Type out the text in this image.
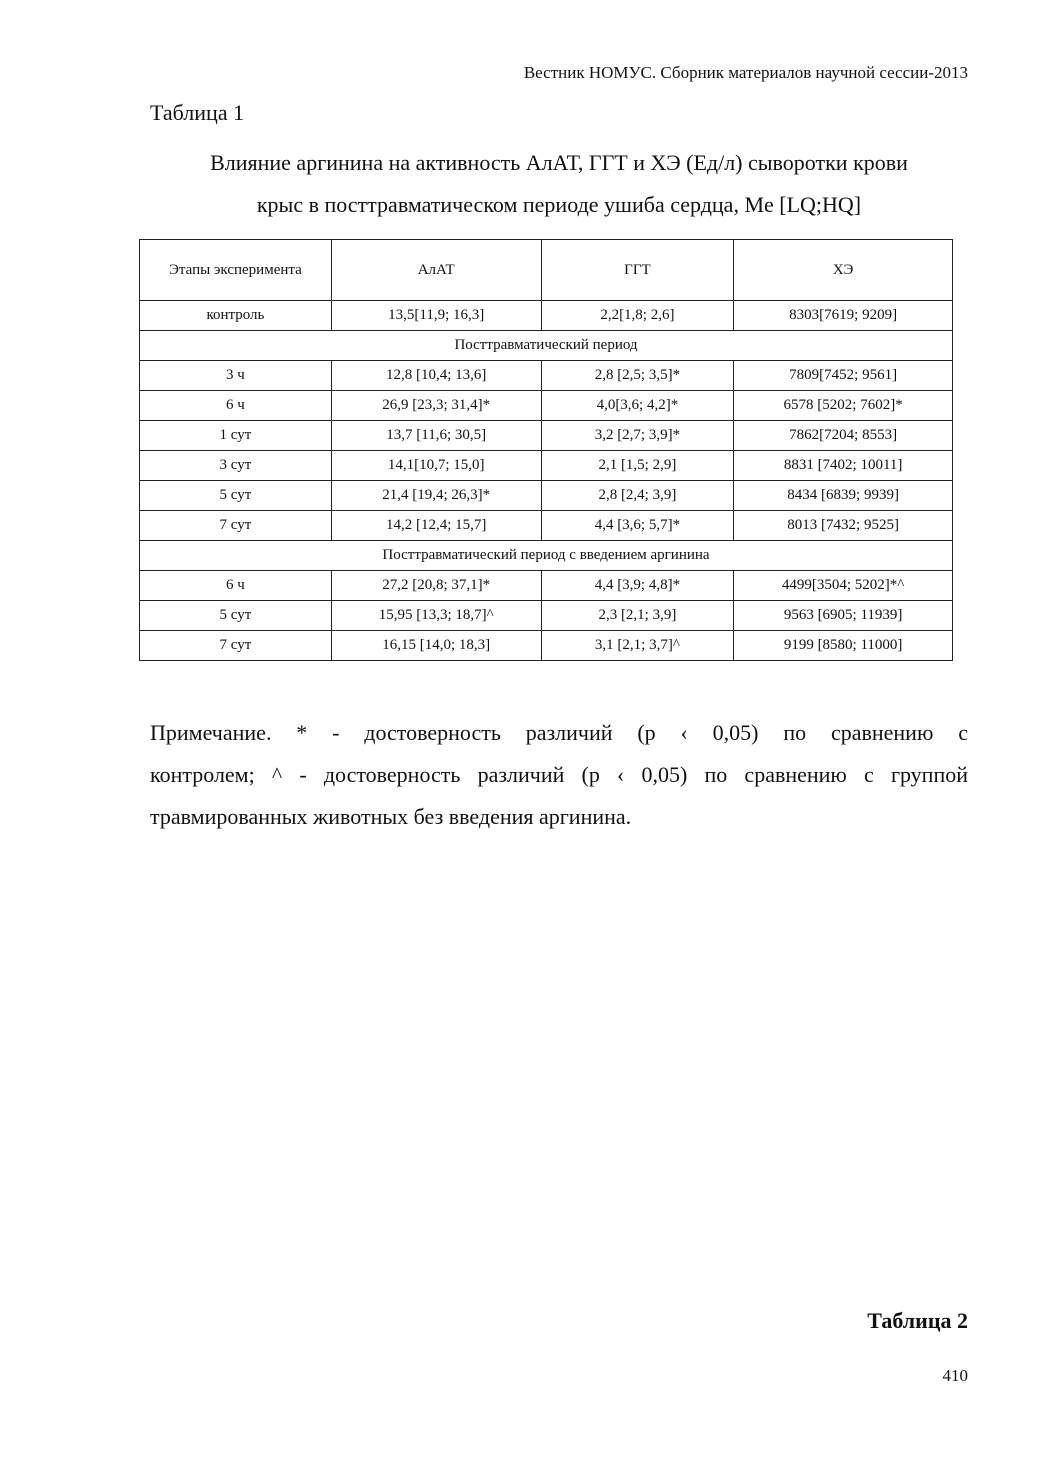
Вестник НОМУС. Сборник материалов научной сессии-2013
Таблица 1
Влияние аргинина на активность АлАТ, ГГТ и ХЭ (Ед/л) сыворотки крови
крыс в посттравматическом периоде ушиба сердца, Me [LQ;HQ]
Этапы эксперимента	АлАТ	ГГТ	ХЭ
контроль	13,5[11,9; 16,3]	2,2[1,8; 2,6]	8303[7619; 9209]
Посттравматический период			
3 ч	12,8 [10,4; 13,6]	2,8 [2,5; 3,5]*	7809[7452; 9561]
6 ч	26,9 [23,3; 31,4]*	4,0[3,6; 4,2]*	6578 [5202; 7602]*
1 сут	13,7 [11,6; 30,5]	3,2 [2,7; 3,9]*	7862[7204; 8553]
3 сут	14,1[10,7; 15,0]	2,1 [1,5; 2,9]	8831 [7402; 10011]
5 сут	21,4 [19,4; 26,3]*	2,8 [2,4; 3,9]	8434 [6839; 9939]
7 сут	14,2 [12,4; 15,7]	4,4 [3,6; 5,7]*	8013 [7432; 9525]
Посттравматический период с введением аргинина			
6 ч	27,2 [20,8; 37,1]*	4,4 [3,9; 4,8]*	4499[3504; 5202]*^
5 сут	15,95 [13,3; 18,7]^	2,3 [2,1; 3,9]	9563 [6905; 11939]
7 сут	16,15 [14,0; 18,3]	3,1 [2,1; 3,7]^	9199 [8580; 11000]
Примечание. * - достоверность различий (р ‹ 0,05) по сравнению с
контролем; ^ - достоверность различий (р ‹ 0,05) по сравнению с группой
травмированных животных без введения аргинина.
Таблица 2
410
